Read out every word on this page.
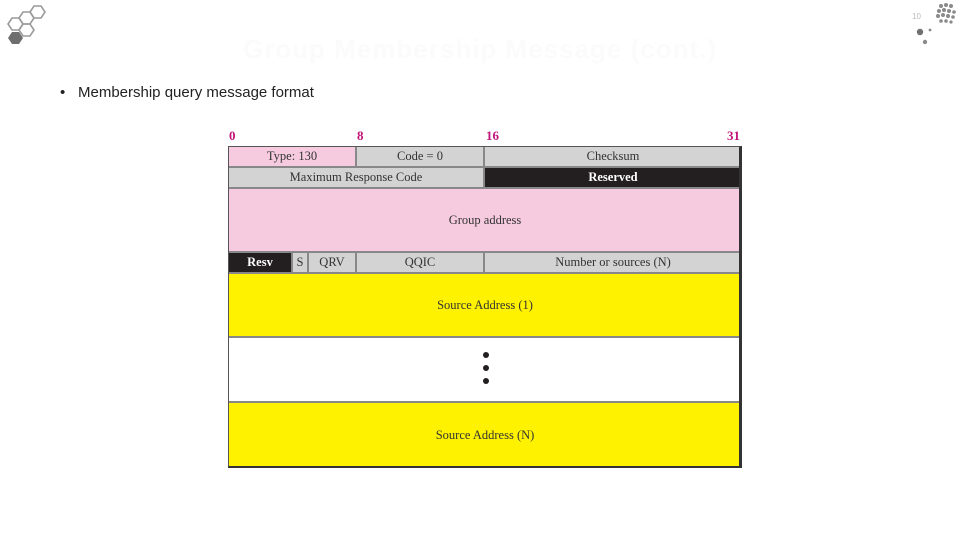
10
Group Membership Message (cont.)
• Membership query message format
0	8	16	31
Type: 130	Code = 0	Checksum
Maximum Response Code	Reserved
Group address
Resv	S	QRV	QQIC	Number or sources (N)
Source Address (1)
Source Address (N)
